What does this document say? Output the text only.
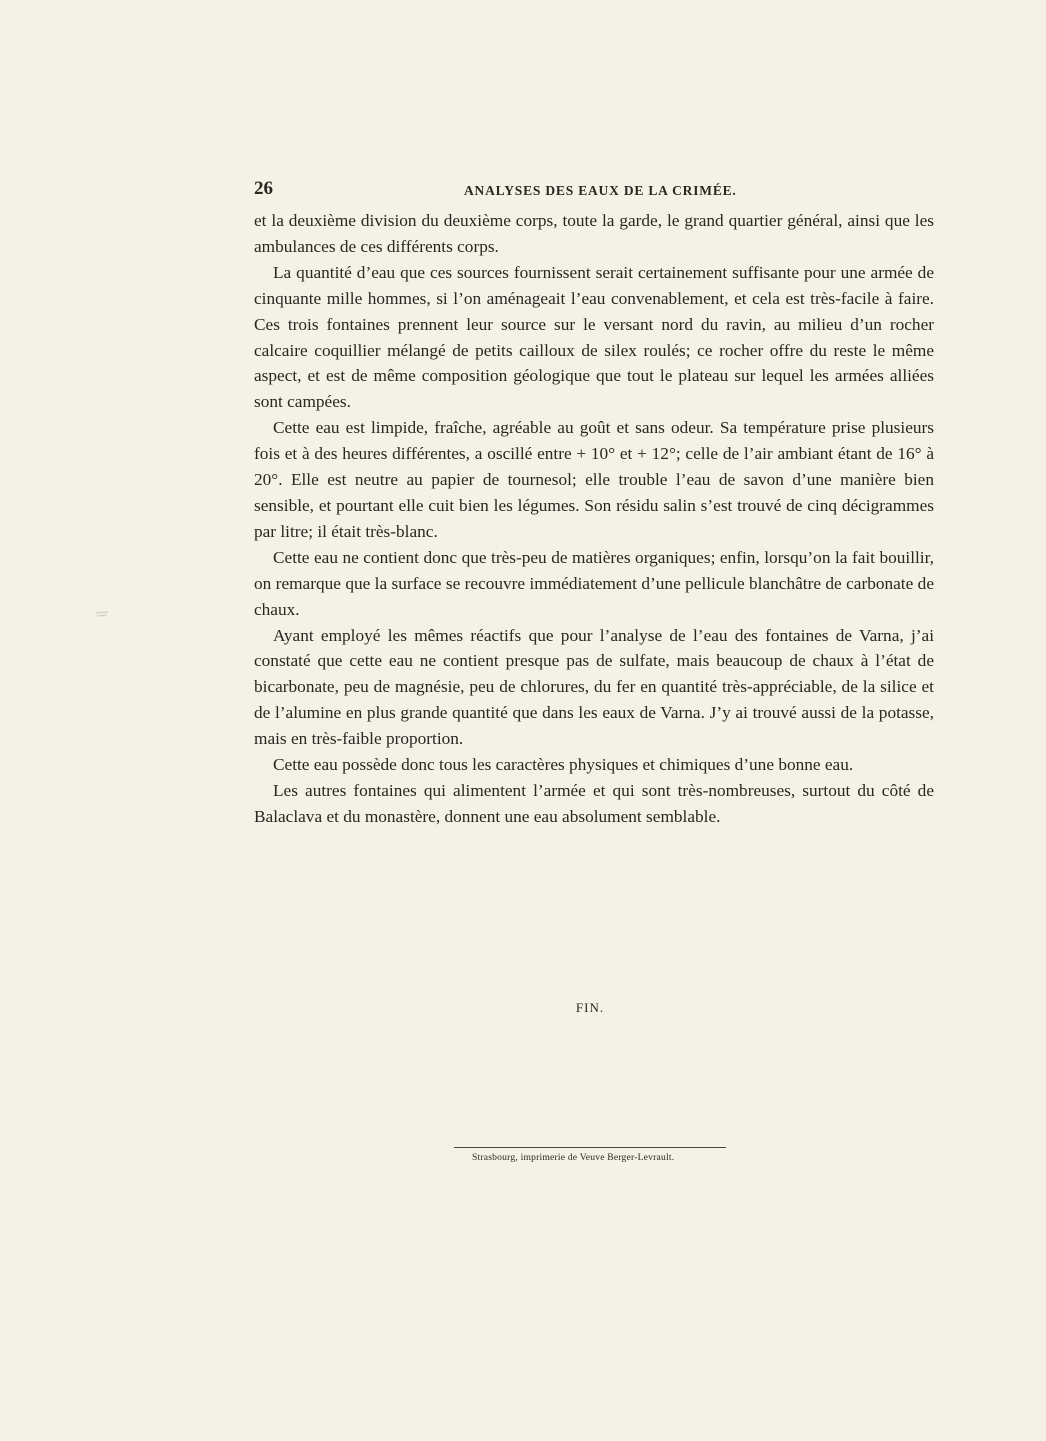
26	ANALYSES DES EAUX DE LA CRIMÉE.

et la deuxième division du deuxième corps, toute la garde, le grand quartier général, ainsi que les ambulances de ces différents corps.

La quantité d’eau que ces sources fournissent serait certainement suffisante pour une armée de cinquante mille hommes, si l’on aménageait l’eau convenablement, et cela est très-facile à faire. Ces trois fontaines prennent leur source sur le versant nord du ravin, au milieu d’un rocher calcaire coquillier mélangé de petits cailloux de silex roulés; ce rocher offre du reste le même aspect, et est de même composition géologique que tout le plateau sur lequel les armées alliées sont campées.

Cette eau est limpide, fraîche, agréable au goût et sans odeur. Sa température prise plusieurs fois et à des heures différentes, a oscillé entre + 10° et + 12°; celle de l’air ambiant étant de 16° à 20°. Elle est neutre au papier de tournesol; elle trouble l’eau de savon d’une manière bien sensible, et pourtant elle cuit bien les légumes. Son résidu salin s’est trouvé de cinq décigrammes par litre; il était très-blanc.

Cette eau ne contient donc que très-peu de matières organiques; enfin, lorsqu’on la fait bouillir, on remarque que la surface se recouvre immédiatement d’une pellicule blanchâtre de carbonate de chaux.

Ayant employé les mêmes réactifs que pour l’analyse de l’eau des fontaines de Varna, j’ai constaté que cette eau ne contient presque pas de sulfate, mais beaucoup de chaux à l’état de bicarbonate, peu de magnésie, peu de chlorures, du fer en quantité très-appréciable, de la silice et de l’alumine en plus grande quantité que dans les eaux de Varna. J’y ai trouvé aussi de la potasse, mais en très-faible proportion.

Cette eau possède donc tous les caractères physiques et chimiques d’une bonne eau.

Les autres fontaines qui alimentent l’armée et qui sont très-nombreuses, surtout du côté de Balaclava et du monastère, donnent une eau absolument semblable.

FIN.
Strasbourg, imprimerie de Veuve Berger-Levrault.
